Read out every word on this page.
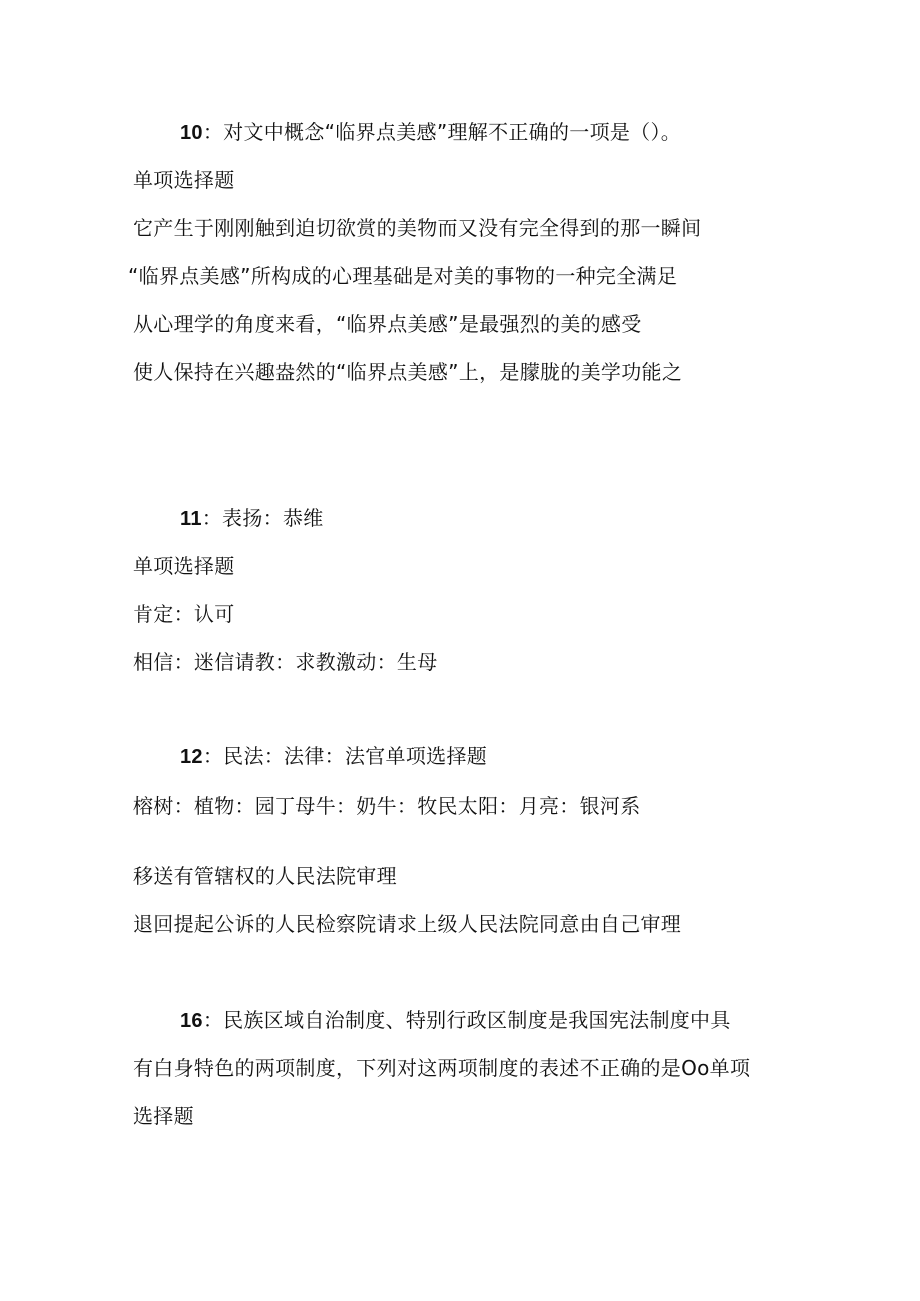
10：对文中概念“临界点美感”理解不正确的一项是（）。
单项选择题
它产生于刚刚触到迫切欲赏的美物而又没有完全得到的那一瞬间
“临界点美感”所构成的心理基础是对美的事物的一种完全满足
从心理学的角度来看，“临界点美感”是最强烈的美的感受
使人保持在兴趣盎然的“临界点美感”上，是朦胧的美学功能之
11：表扬：恭维
单项选择题
肯定：认可
相信：迷信请教：求教激动：生母
12：民法：法律：法官单项选择题
榕树：植物：园丁母牛：奶牛：牧民太阳：月亮：银河系
移送有管辖权的人民法院审理
退回提起公诉的人民检察院请求上级人民法院同意由自己审理
16：民族区域自治制度、特别行政区制度是我国宪法制度中具
有白身特色的两项制度，下列对这两项制度的表述不正确的是Oo单项
选择题
